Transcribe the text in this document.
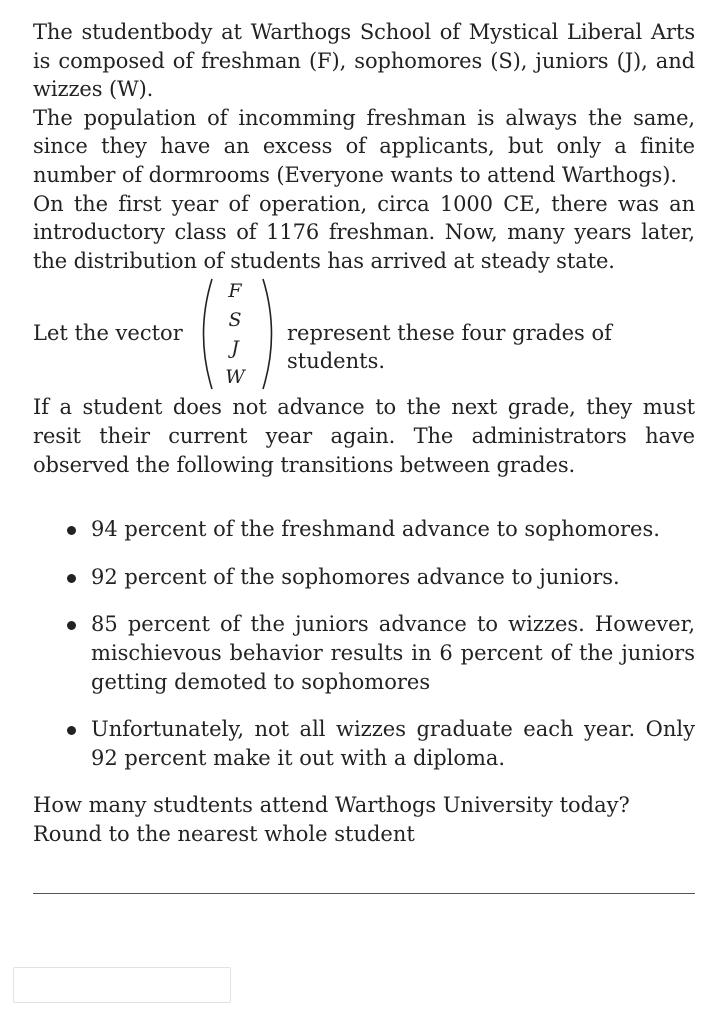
The studentbody at Warthogs School of Mystical Liberal Arts is composed of freshman (F), sophomores (S), juniors (J), and wizzes (W).

The population of incomming freshman is always the same, since they have an excess of applicants, but only a finite number of dormrooms (Everyone wants to attend Warthogs).

On the first year of operation, circa 1000 CE, there was an introductory class of 1176 freshman. Now, many years later, the distribution of students has arrived at steady state.

Let the vector
F
S
J
W
represent these four grades of students.

If a student does not advance to the next grade, they must resit their current year again. The administrators have observed the following transitions between grades.

94 percent of the freshmand advance to sophomores.
92 percent of the sophomores advance to juniors.
85 percent of the juniors advance to wizzes. However, mischievous behavior results in 6 percent of the juniors getting demoted to sophomores
Unfortunately, not all wizzes graduate each year. Only 92 percent make it out with a diploma.
How many studtents attend Warthogs University today?
Round to the nearest whole student
